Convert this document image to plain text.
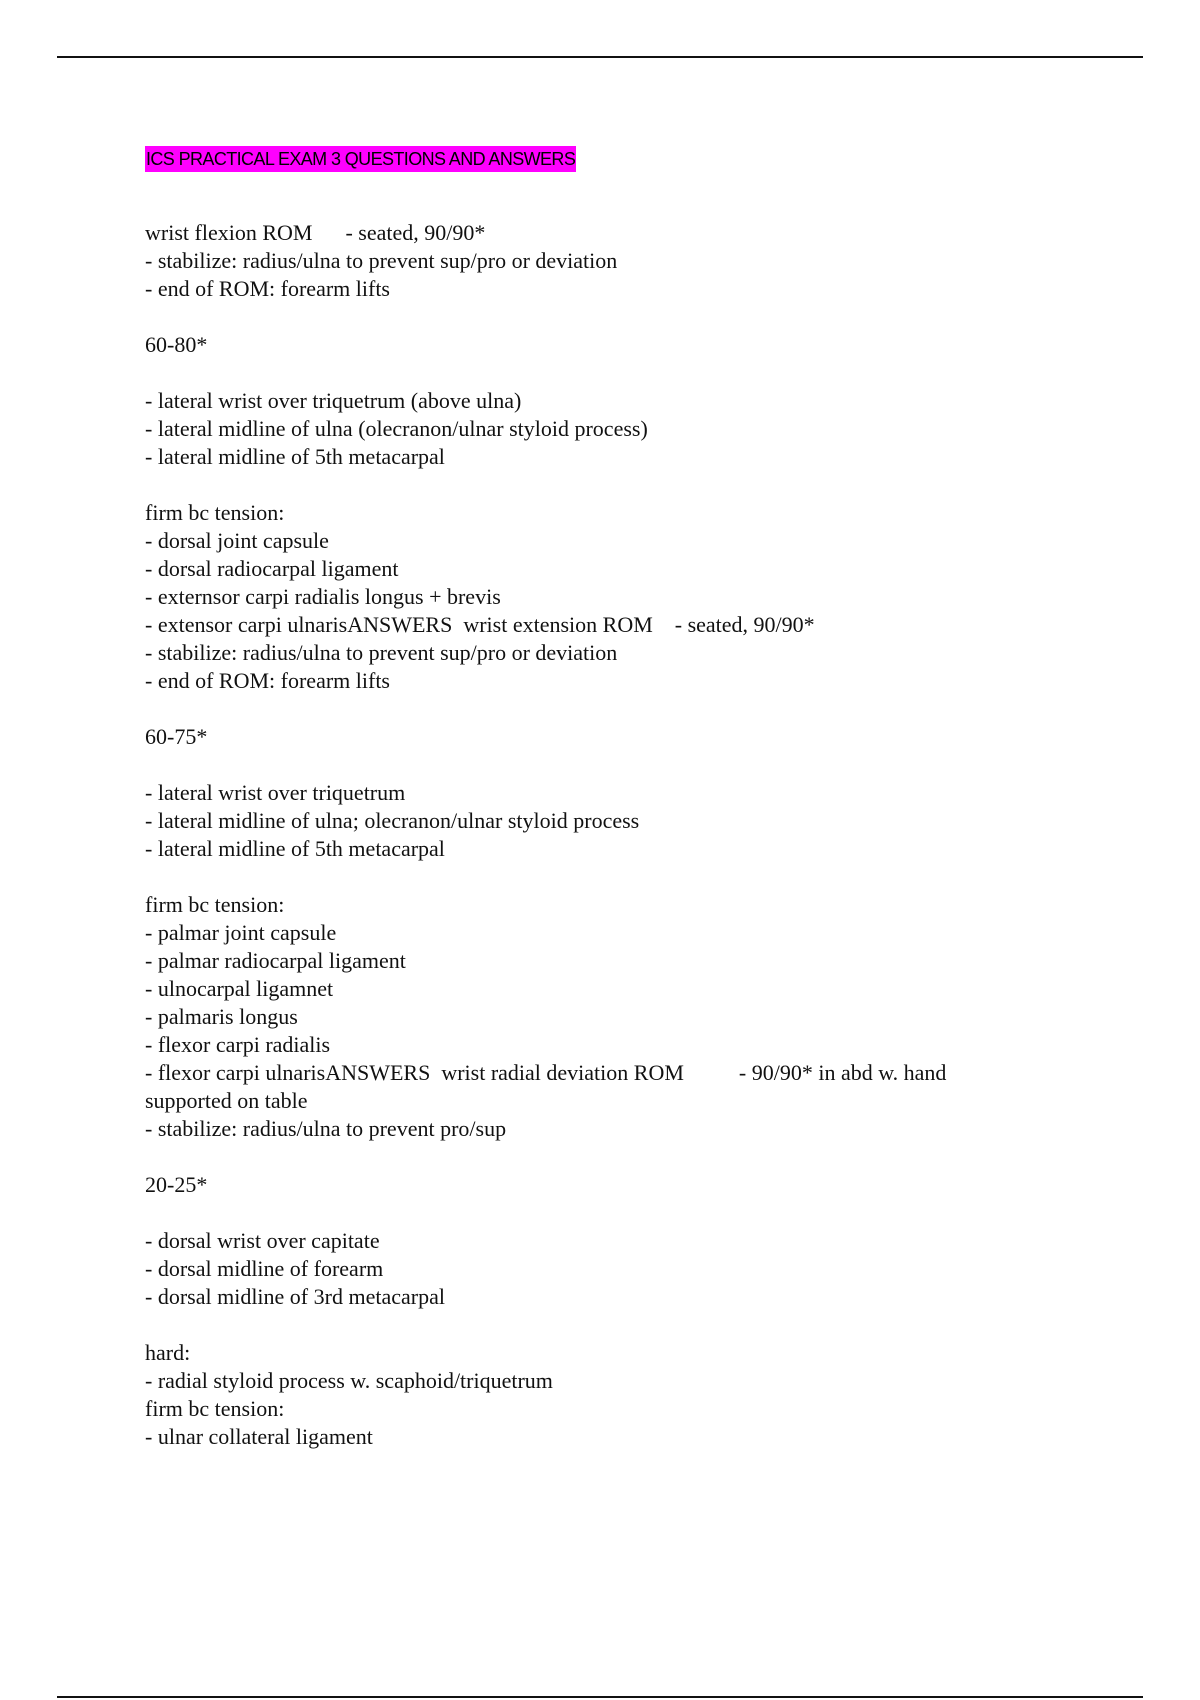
ICS PRACTICAL EXAM 3 QUESTIONS AND ANSWERS
wrist flexion ROM      - seated, 90/90*
- stabilize: radius/ulna to prevent sup/pro or deviation
- end of ROM: forearm lifts
60-80*
- lateral wrist over triquetrum (above ulna)
- lateral midline of ulna (olecranon/ulnar styloid process)
- lateral midline of 5th metacarpal
firm bc tension:
- dorsal joint capsule
- dorsal radiocarpal ligament
- externsor carpi radialis longus + brevis
- extensor carpi ulnarisANSWERS  wrist extension ROM    - seated, 90/90*
- stabilize: radius/ulna to prevent sup/pro or deviation
- end of ROM: forearm lifts
60-75*
- lateral wrist over triquetrum
- lateral midline of ulna; olecranon/ulnar styloid process
- lateral midline of 5th metacarpal
firm bc tension:
- palmar joint capsule
- palmar radiocarpal ligament
- ulnocarpal ligamnet
- palmaris longus
- flexor carpi radialis
- flexor carpi ulnarisANSWERS  wrist radial deviation ROM          - 90/90* in abd w. hand
supported on table
- stabilize: radius/ulna to prevent pro/sup
20-25*
- dorsal wrist over capitate
- dorsal midline of forearm
- dorsal midline of 3rd metacarpal
hard:
- radial styloid process w. scaphoid/triquetrum
firm bc tension:
- ulnar collateral ligament
